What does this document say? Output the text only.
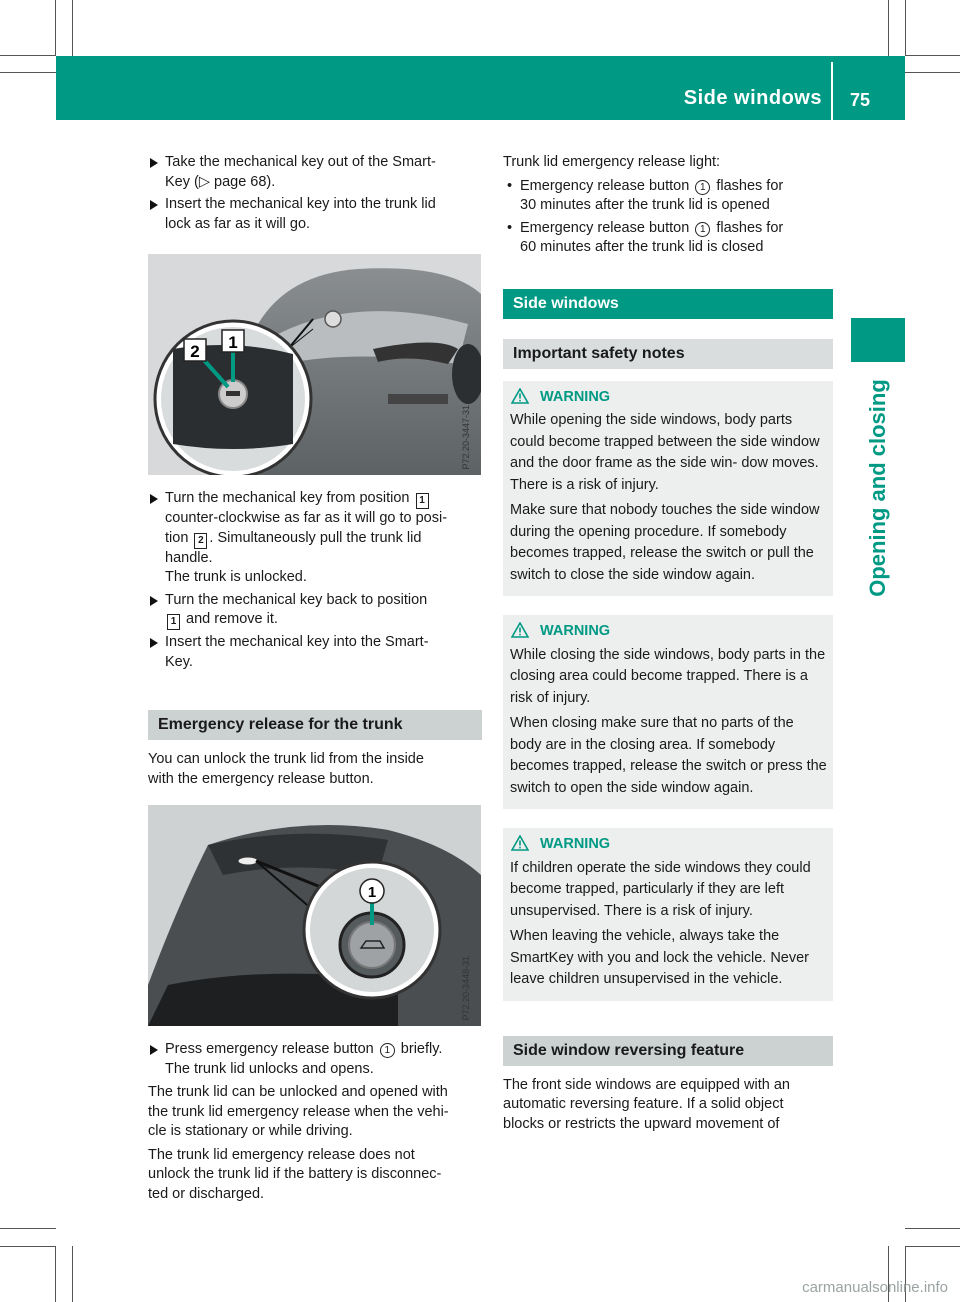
Side windows 75
Opening and closing
Take the mechanical key out of the Smart-
Key (▷ page 68).
Insert the mechanical key into the trunk lid
lock as far as it will go.
2 1
P72.20-3447-31
Turn the mechanical key from position 1
counter-clockwise as far as it will go to posi-
tion 2 . Simultaneously pull the trunk lid
handle.
The trunk is unlocked.
Turn the mechanical key back to position
1 and remove it.
Insert the mechanical key into the Smart-
Key.
Emergency release for the trunk
You can unlock the trunk lid from the inside
with the emergency release button.
1
P72.20-3448-31
Press emergency release button 1 briefly.
The trunk lid unlocks and opens.
The trunk lid can be unlocked and opened with
the trunk lid emergency release when the vehi-
cle is stationary or while driving.
The trunk lid emergency release does not
unlock the trunk lid if the battery is disconnec-
ted or discharged.
Trunk lid emergency release light:
• Emergency release button 1 flashes for
30 minutes after the trunk lid is opened
• Emergency release button 1 flashes for
60 minutes after the trunk lid is closed
Side windows
Important safety notes
WARNING

While opening the side windows, body parts could become trapped between the side window and the door frame as the side win- dow moves. There is a risk of injury.

Make sure that nobody touches the side window during the opening procedure. If somebody becomes trapped, release the switch or pull the switch to close the side window again.

WARNING

While closing the side windows, body parts in the closing area could become trapped. There is a risk of injury.

When closing make sure that no parts of the body are in the closing area. If somebody becomes trapped, release the switch or press the switch to open the side window again.

WARNING

If children operate the side windows they could become trapped, particularly if they are left unsupervised. There is a risk of injury.

When leaving the vehicle, always take the SmartKey with you and lock the vehicle. Never leave children unsupervised in the vehicle.

Side window reversing feature
The front side windows are equipped with an
automatic reversing feature. If a solid object
blocks or restricts the upward movement of
carmanualsonline.info
